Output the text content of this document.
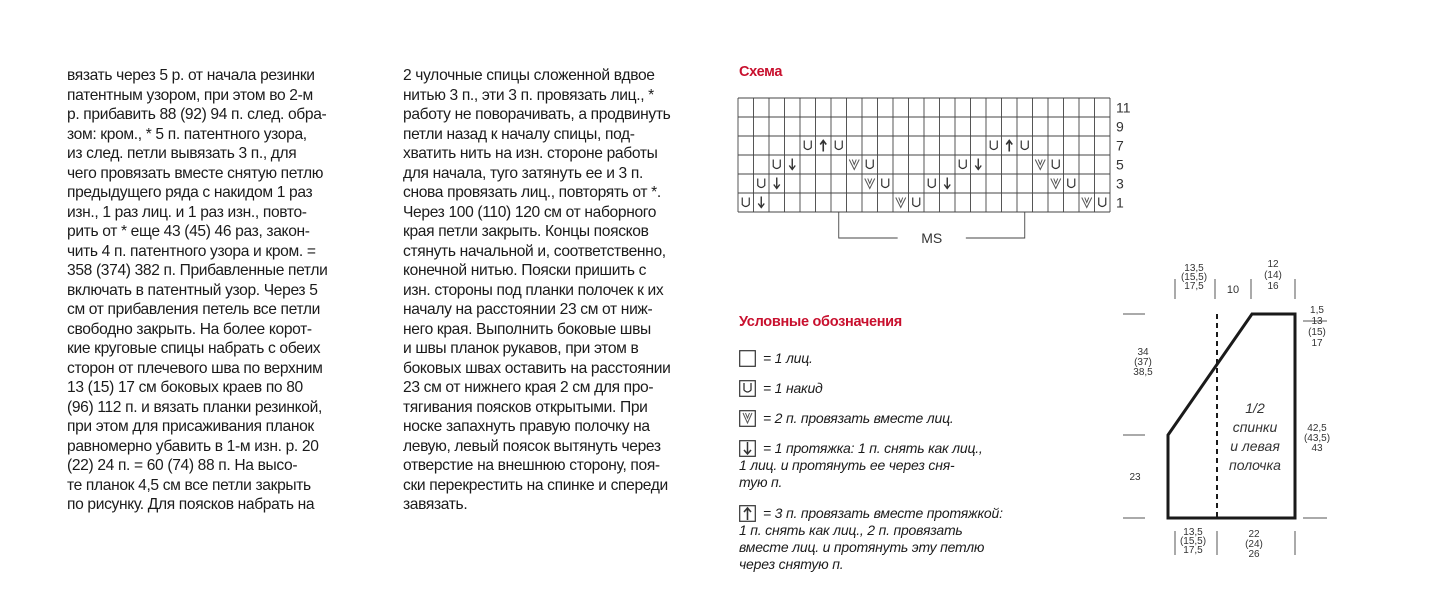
вязать через 5 р. от начала резинки

патентным узором, при этом во 2-м

р. прибавить 88 (92) 94 п. след. обра-

зом: кром., * 5 п. патентного узора,

из след. петли вывязать 3 п., для

чего провязать вместе снятую петлю

предыдущего ряда с накидом 1 раз

изн., 1 раз лиц. и 1 раз изн., повто-

рить от * еще 43 (45) 46 раз, закон-

чить 4 п. патентного узора и кром. =

358 (374) 382 п. Прибавленные петли

включать в патентный узор. Через 5

см от прибавления петель все петли

свободно закрыть. На более корот-

кие круговые спицы набрать с обеих

сторон от плечевого шва по верхним

13 (15) 17 см боковых краев по 80

(96) 112 п. и вязать планки резинкой,

при этом для присаживания планок

равномерно убавить в 1-м изн. р. 20

(22) 24 п. = 60 (74) 88 п. На высо-

те планок 4,5 см все петли закрыть

по рисунку. Для поясков набрать на

2 чулочные спицы сложенной вдвое

нитью 3 п., эти 3 п. провязать лиц., *

работу не поворачивать, а продвинуть

петли назад к началу спицы, под-

хватить нить на изн. стороне работы

для начала, туго затянуть ее и 3 п.

снова провязать лиц., повторять от *.

Через 100 (110) 120 см от наборного

края петли закрыть. Концы поясков

стянуть начальной и, соответственно,

конечной нитью. Пояски пришить с

изн. стороны под планки полочек к их

началу на расстоянии 23 см от ниж-

него края. Выполнить боковые швы

и швы планок рукавов, при этом в

боковых швах оставить на расстоянии

23 см от нижнего края 2 см для про-

тягивания поясков открытыми. При

носке запахнуть правую полочку на

левую, левый поясок вытянуть через

отверстие на внешнюю сторону, поя-

ски перекрестить на спинке и спереди

завязать.

Схема
11
9
7
5
3
1
MS
Условные обозначения

= 1 лиц.

= 1 накид

= 2 п. провязать вместе лиц.

= 1 протяжка: 1 п. снять как лиц.,

1 лиц. и протянуть ее через сня-

тую п.

= 3 п. провязать вместе протяжкой:

1 п. снять как лиц., 2 п. провязать

вместе лиц. и протянуть эту петлю

через снятую п.

13,5
(15,5)
17,5 10
12
(14)
16
1,5
13
(15)
17
34
(37)
38,5
23
42,5
(43,5)
43
13,5
(15,5)
17,5
22
(24)
26
1/2
спинки
и левая
полочка
